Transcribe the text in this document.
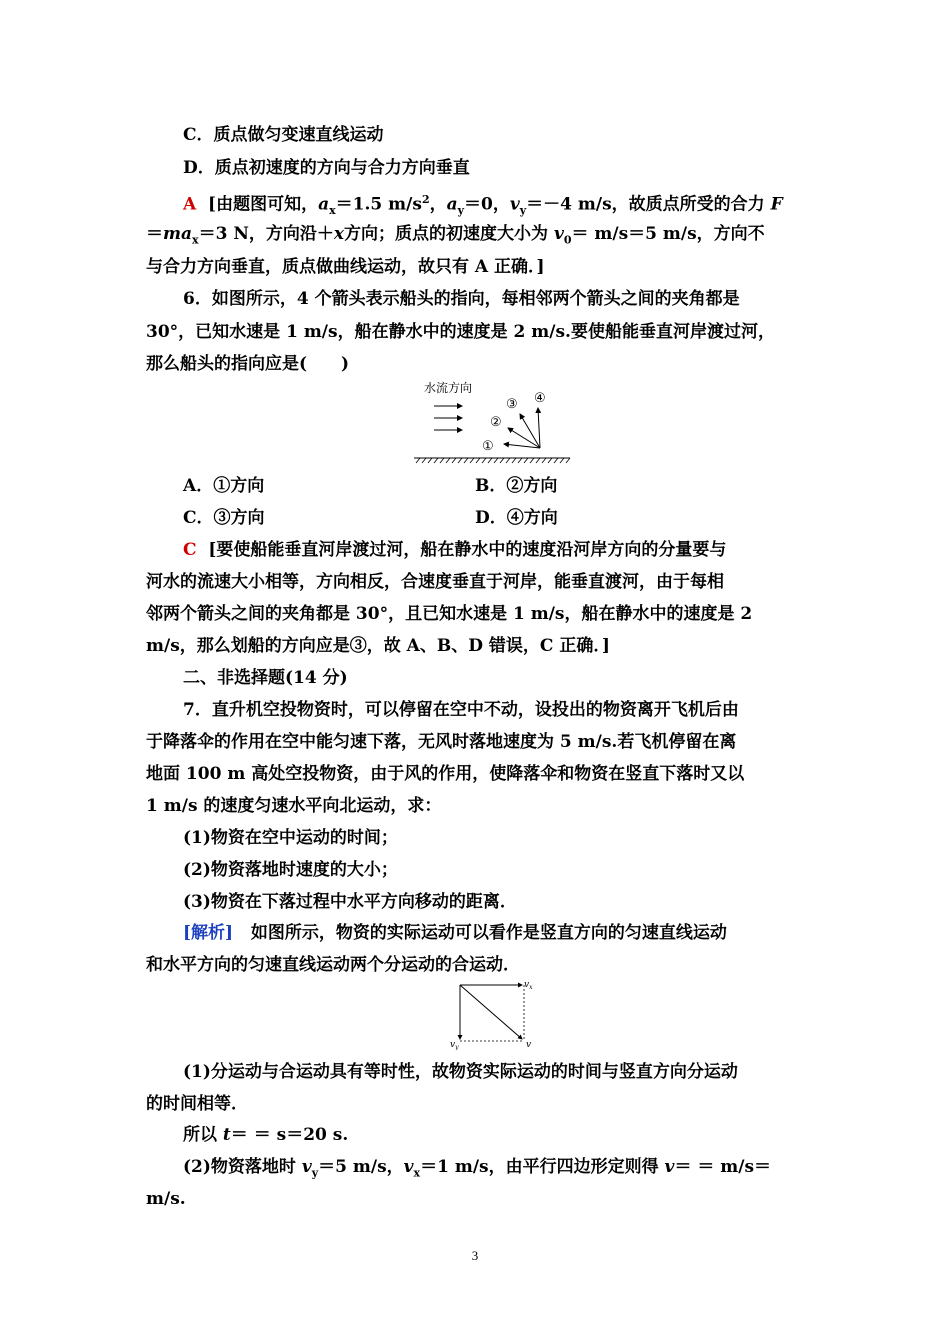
C．质点做匀变速直线运动
D．质点初速度的方向与合力方向垂直
A [由题图可知，$a_x=1.5$ $m/s^2$，$a_y=0$，$v_y=-4$ m/s，故质点所受的合力 F
$=ma_x=3$ N，方向沿＋x方向；质点的初速度大小为 $v_0= m/s=5$ m/s，方向不
与合力方向垂直，质点做曲线运动，故只有 A 正确．]
6．如图所示，4 个箭头表示船头的指向，每相邻两个箭头之间的夹角都是
30°，已知水速是 1 m/s，船在静水中的速度是 2 m/s.要使船能垂直河岸渡过河，
那么船头的指向应是(　　)
水流方向
①
②
③ ④
A．①方向	B．②方向
C．③方向	D．④方向
C [要使船能垂直河岸渡过河，船在静水中的速度沿河岸方向的分量要与
河水的流速大小相等，方向相反，合速度垂直于河岸，能垂直渡河，由于每相
邻两个箭头之间的夹角都是 30°，且已知水速是 1 m/s，船在静水中的速度是 2
m/s，那么划船的方向应是③，故 A、B、D 错误，C 正确．]
二、非选择题(14 分)
7．直升机空投物资时，可以停留在空中不动，设投出的物资离开飞机后由
于降落伞的作用在空中能匀速下落，无风时落地速度为 5 m/s.若飞机停留在离
地面 100 m 高处空投物资，由于风的作用，使降落伞和物资在竖直下落时又以
1 m/s 的速度匀速水平向北运动，求：
(1)物资在空中运动的时间；
(2)物资落地时速度的大小；
(3)物资在下落过程中水平方向移动的距离．
[解析] 如图所示，物资的实际运动可以看作是竖直方向的匀速直线运动
和水平方向的匀速直线运动两个分运动的合运动．
$v_x$
$v_y$	v
(1)分运动与合运动具有等时性，故物资实际运动的时间与竖直方向分运动
的时间相等．
所以 t＝ ＝ s＝20 s.
(2)物资落地时 $v_y=5$ m/s，$v_x=1$ m/s，由平行四边形定则得 v＝ ＝ m/s＝
m/s.
3
